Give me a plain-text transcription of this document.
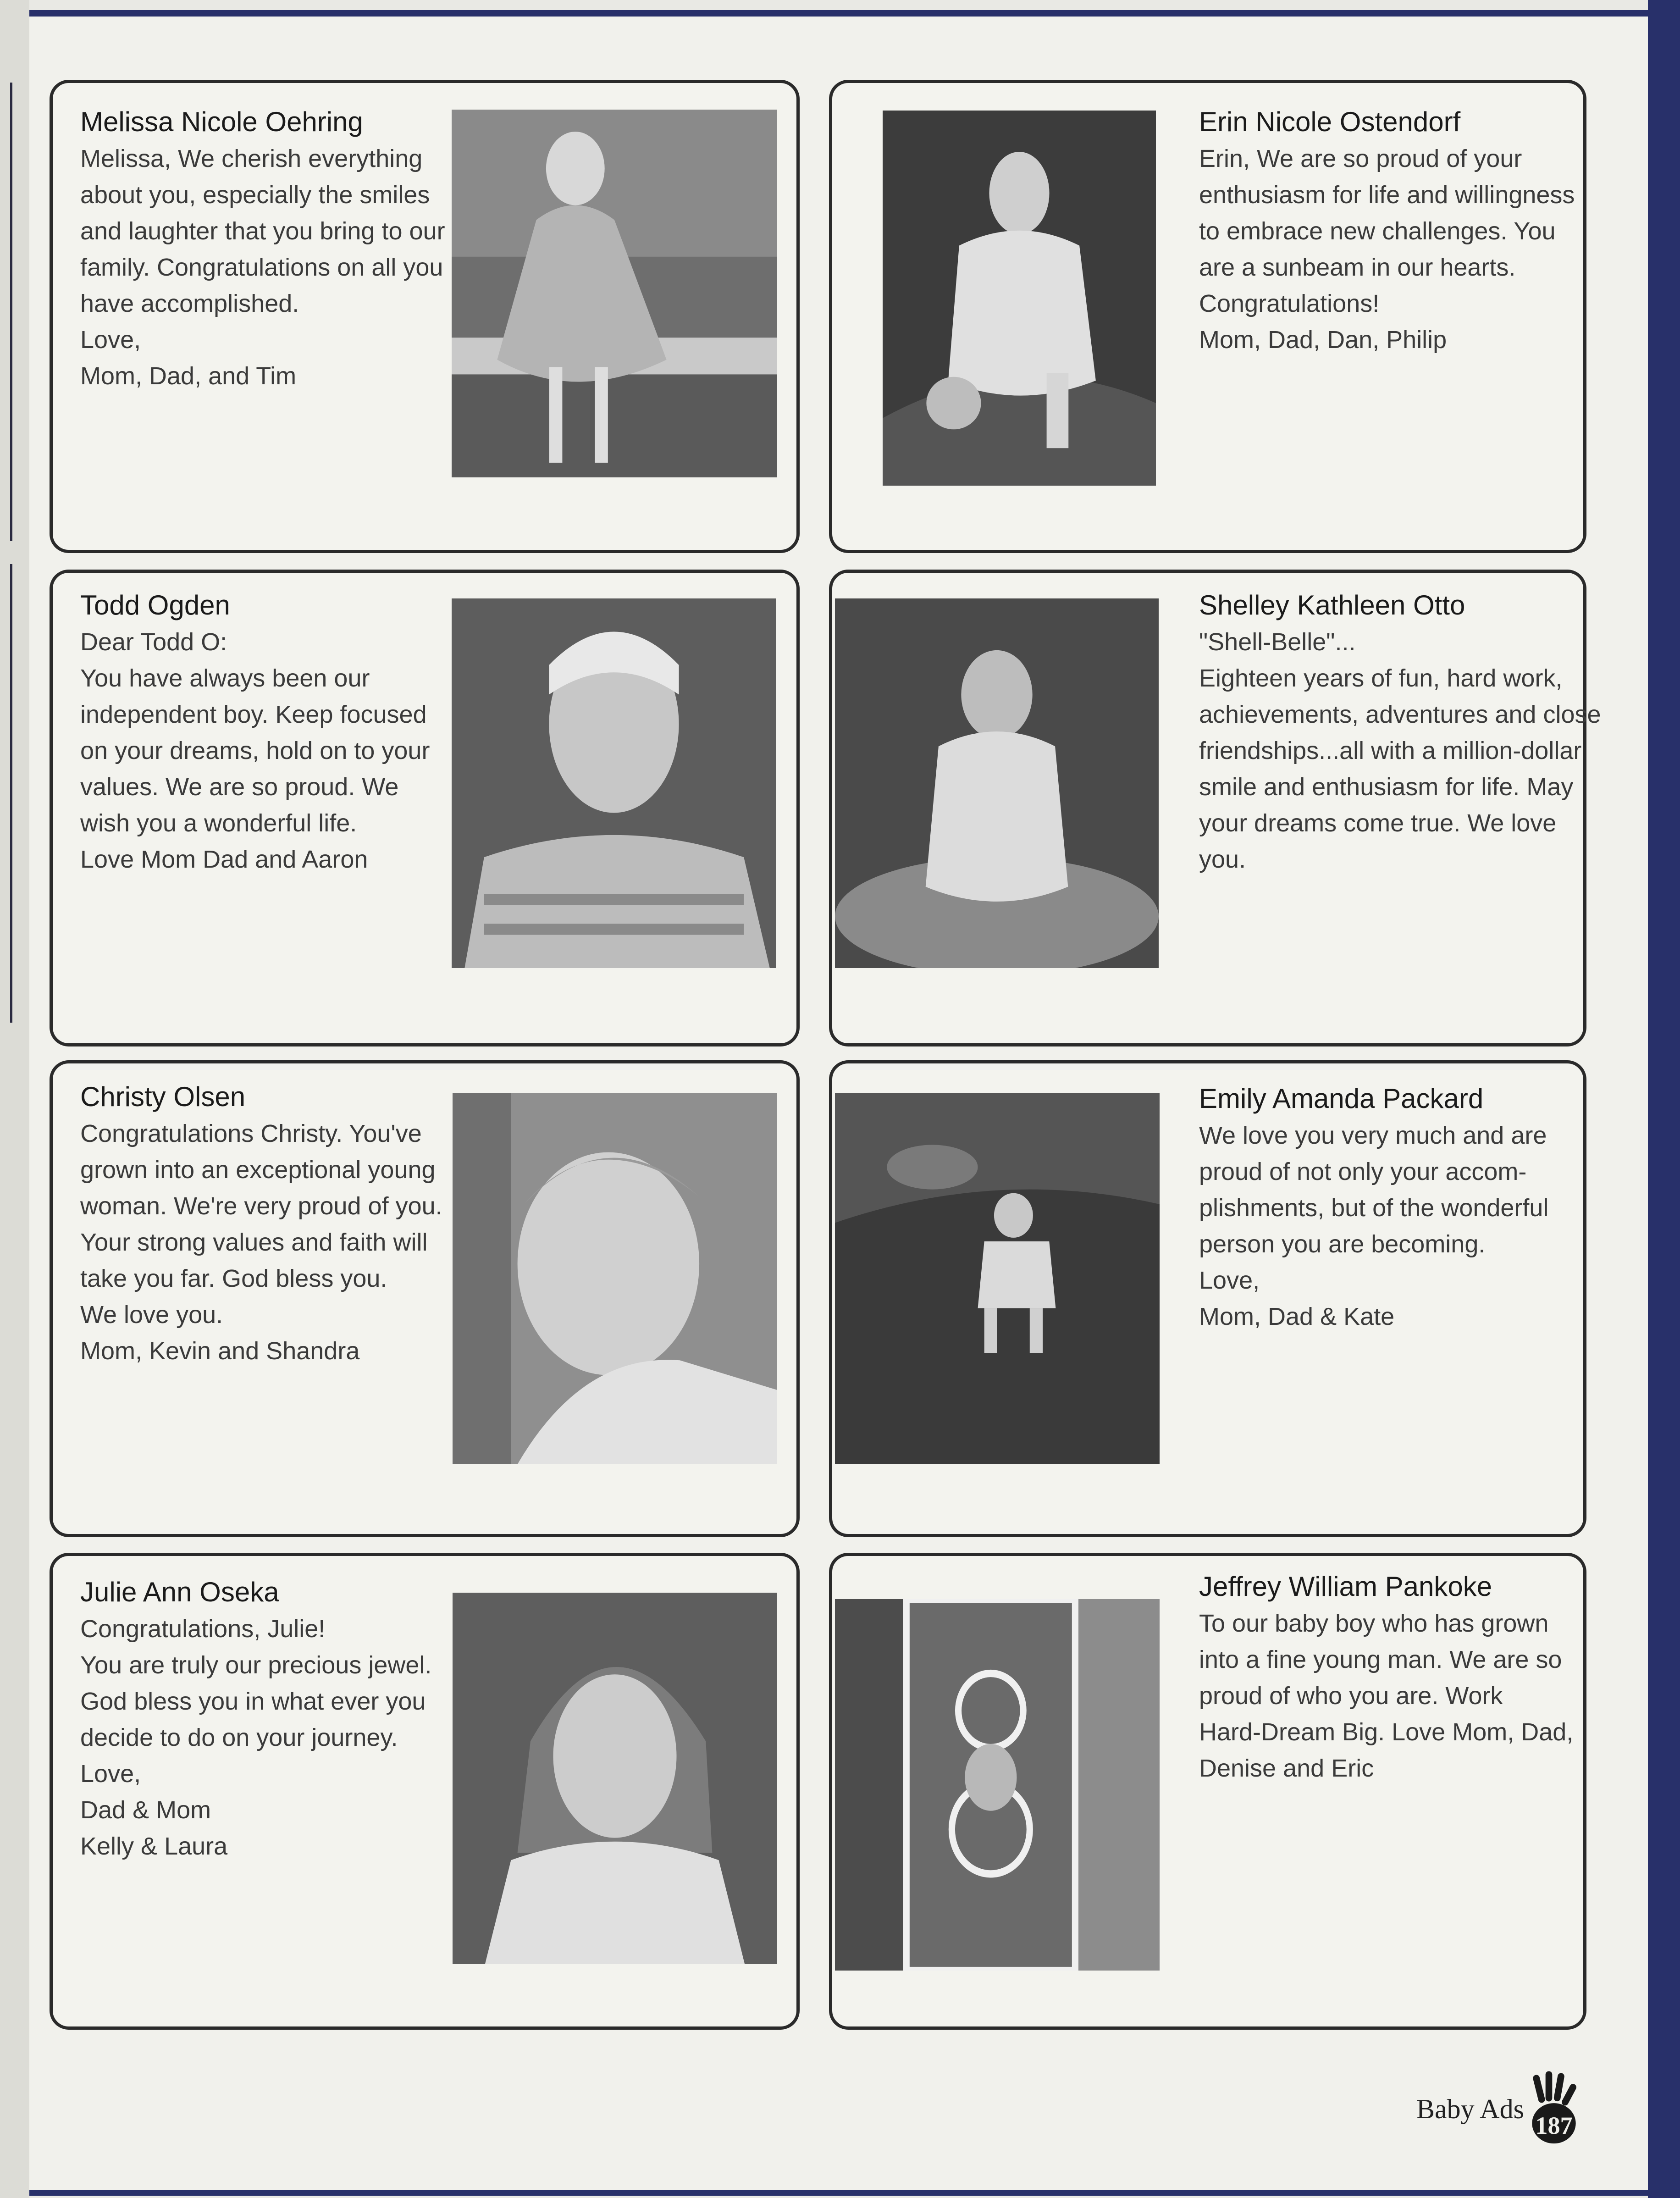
Melissa Nicole Oehring
Melissa, We cherish everything
about you, especially the smiles
and laughter that you bring to our
family. Congratulations on all you
have accomplished.
Love,
Mom, Dad, and Tim
Erin Nicole Ostendorf
Erin, We are so proud of your
enthusiasm for life and willingness
to embrace new challenges. You
are a sunbeam in our hearts.
Congratulations!
Mom, Dad, Dan, Philip
Todd Ogden
Dear Todd O:
You have always been our
independent boy. Keep focused
on your dreams, hold on to your
values. We are so proud. We
wish you a wonderful life.
Love Mom Dad and Aaron
Shelley Kathleen Otto
"Shell-Belle"...
Eighteen years of fun, hard work,
achievements, adventures and close
friendships...all with a million-dollar
smile and enthusiasm for life. May
your dreams come true. We love
you.
Christy Olsen
Congratulations Christy. You've
grown into an exceptional young
woman. We're very proud of you.
Your strong values and faith will
take you far. God bless you.
We love you.
Mom, Kevin and Shandra
Emily Amanda Packard
We love you very much and are
proud of not only your accom-
plishments, but of the wonderful
person you are becoming.
Love,
Mom, Dad & Kate
Julie Ann Oseka
Congratulations, Julie!
You are truly our precious jewel.
God bless you in what ever you
decide to do on your journey.
Love,
Dad & Mom
Kelly & Laura
Jeffrey William Pankoke
To our baby boy who has grown
into a fine young man. We are so
proud of who you are. Work
Hard-Dream Big. Love Mom, Dad,
Denise and Eric
Baby Ads
187
